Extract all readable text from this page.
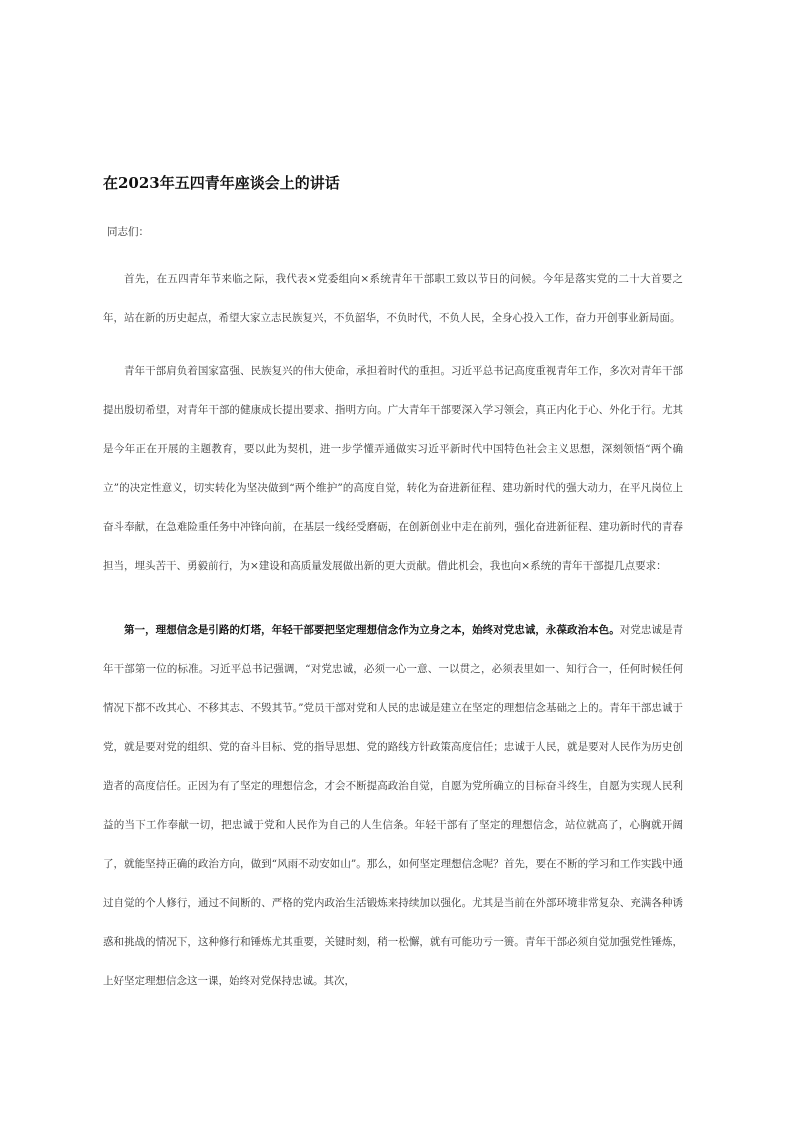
在2023年五四青年座谈会上的讲话
同志们：

首先，在五四青年节来临之际，我代表×党委组向×系统青年干部职工致以节日的问候。今年是落实党的二十大首要之年，站在新的历史起点，希望大家立志民族复兴，不负韶华，不负时代，不负人民，全身心投入工作，奋力开创事业新局面。

青年干部肩负着国家富强、民族复兴的伟大使命，承担着时代的重担。习近平总书记高度重视青年工作，多次对青年干部提出殷切希望，对青年干部的健康成长提出要求、指明方向。广大青年干部要深入学习领会，真正内化于心、外化于行。尤其是今年正在开展的主题教育，要以此为契机，进一步学懂弄通做实习近平新时代中国特色社会主义思想，深刻领悟“两个确立”的决定性意义，切实转化为坚决做到“两个维护”的高度自觉，转化为奋进新征程、建功新时代的强大动力，在平凡岗位上奋斗奉献，在急难险重任务中冲锋向前，在基层一线经受磨砺，在创新创业中走在前列，强化奋进新征程、建功新时代的青春担当，埋头苦干、勇毅前行，为×建设和高质量发展做出新的更大贡献。借此机会，我也向×系统的青年干部提几点要求：

第一，理想信念是引路的灯塔，年轻干部要把坚定理想信念作为立身之本，始终对党忠诚，永葆政治本色。对党忠诚是青年干部第一位的标准。习近平总书记强调，“对党忠诚，必须一心一意、一以贯之，必须表里如一、知行合一，任何时候任何情况下都不改其心、不移其志、不毁其节。”党员干部对党和人民的忠诚是建立在坚定的理想信念基础之上的。青年干部忠诚于党，就是要对党的组织、党的奋斗目标、党的指导思想、党的路线方针政策高度信任；忠诚于人民，就是要对人民作为历史创造者的高度信任。正因为有了坚定的理想信念，才会不断提高政治自觉，自愿为党所确立的目标奋斗终生，自愿为实现人民利益的当下工作奉献一切，把忠诚于党和人民作为自己的人生信条。年轻干部有了坚定的理想信念，站位就高了，心胸就开阔了，就能坚持正确的政治方向，做到“风雨不动安如山”。那么，如何坚定理想信念呢？首先，要在不断的学习和工作实践中通过自觉的个人修行，通过不间断的、严格的党内政治生活锻炼来持续加以强化。尤其是当前在外部环境非常复杂、充满各种诱惑和挑战的情况下，这种修行和锤炼尤其重要，关键时刻，稍一松懈，就有可能功亏一篑。青年干部必须自觉加强党性锤炼，上好坚定理想信念这一课，始终对党保持忠诚。其次，
